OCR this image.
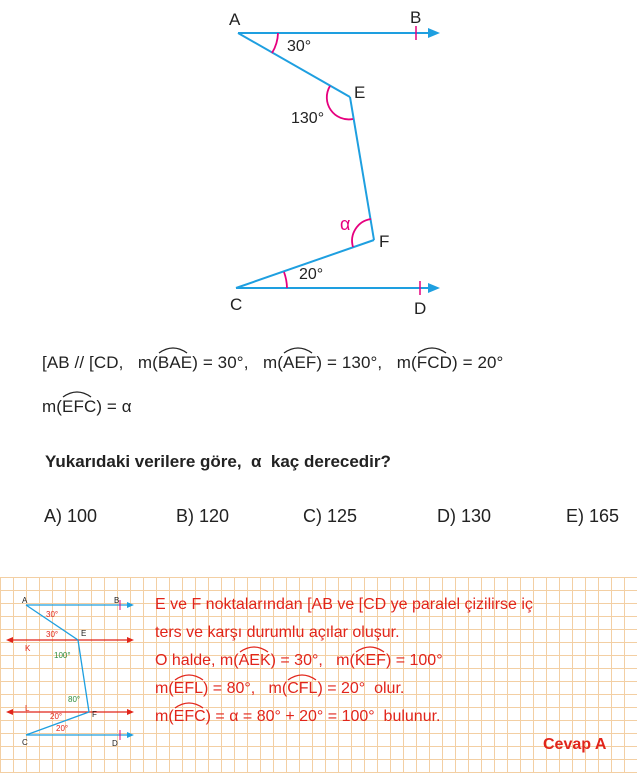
A	B
E
F
C	D
30°
130°
α
20°
[AB // [CD, m(
BAE) = 30°, m(
AEF) = 130°, m(
FCD) = 20°
m(
EFC) = α
Yukarıdaki verilere göre,  α  kaç derecedir?
A) 100	B) 120	C) 125	D) 130	E) 165
A	B
E
K
F
L
C	D
30°
30°
100°
80°
20°
20°
E ve F noktalarından [AB ve [CD ye paralel çizilirse iç
ters ve karşı durumlu açılar oluşur.
O halde, m(
AEK) = 30°,   m(
KEF) = 100°
m(
EFL) = 80°,   m(
CFL) = 20°  olur.
m(
EFC) = α = 80° + 20° = 100°  bulunur.
Cevap A
